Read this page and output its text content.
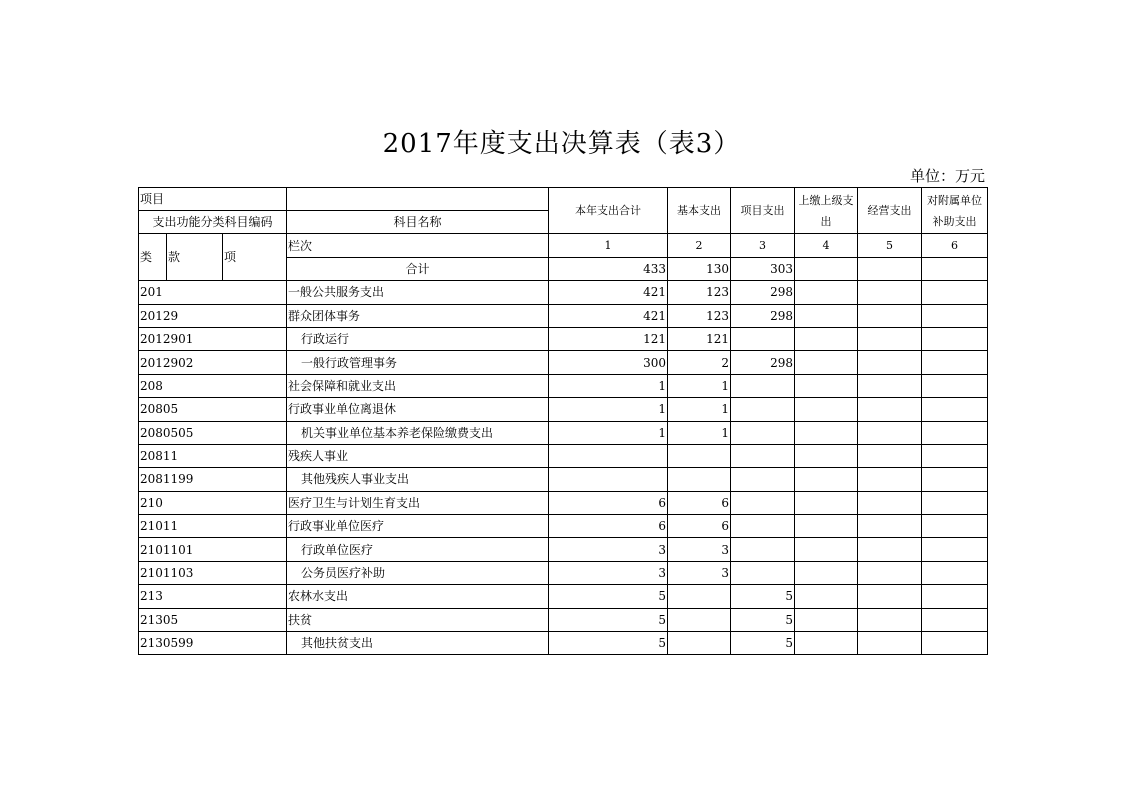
2017年度支出决算表（表3）
单位：万元
项目				本年支出合计	基本支出	项目支出	上缴上级支出	经营支出	对附属单位补助支出
支出功能分类科目编码			科目名称						
类	款	项	栏次	1	2	3	4	5	6
			合计	433	130	303			
201			一般公共服务支出	421	123	298			
20129			群众团体事务	421	123	298			
2012901			行政运行	121	121				
2012902			一般行政管理事务	300	2	298			
208			社会保障和就业支出	1	1				
20805			行政事业单位离退休	1	1				
2080505			机关事业单位基本养老保险缴费支出	1	1				
20811			残疾人事业						
2081199			其他残疾人事业支出						
210			医疗卫生与计划生育支出	6	6				
21011			行政事业单位医疗	6	6				
2101101			行政单位医疗	3	3				
2101103			公务员医疗补助	3	3				
213			农林水支出	5		5			
21305			扶贫	5		5			
2130599			其他扶贫支出	5		5			
